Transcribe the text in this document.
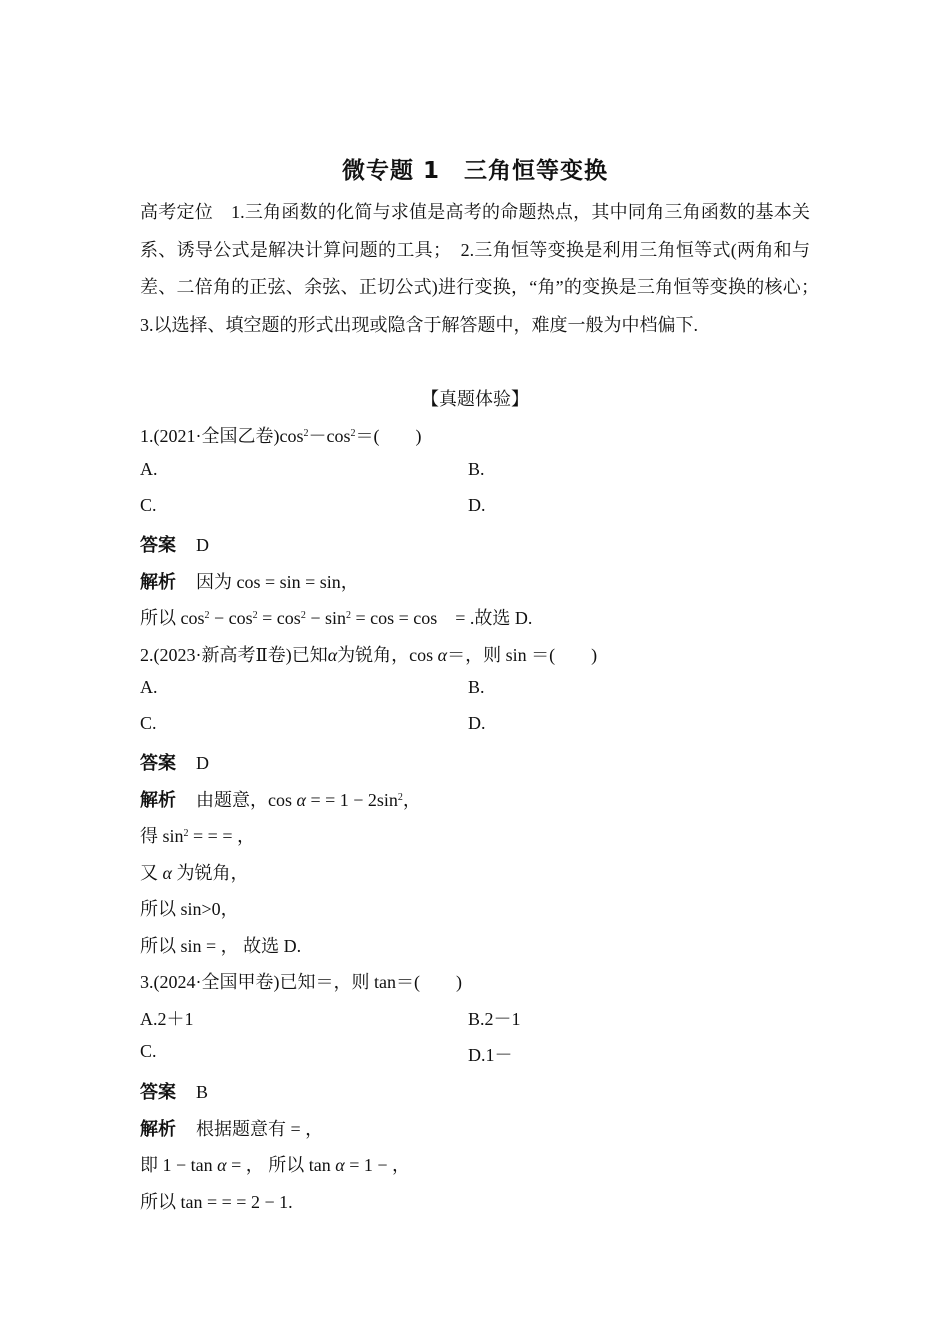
微专题 1　三角恒等变换

高考定位　1.三角函数的化简与求值是高考的命题热点，其中同角三角函数的基本关系、诱导公式是解决计算问题的工具；　2.三角恒等变换是利用三角恒等式(两角和与差、二倍角的正弦、余弦、正切公式)进行变换，“角”的变换是三角恒等变换的核心；　3.以选择、填空题的形式出现或隐含于解答题中，难度一般为中档偏下.

【真题体验】
1.(2021·全国乙卷)$\cos^2-\cos^2=$(　　)
A.	B.
C.	D.
答案 D
解析 因为 cos = sin = sin，
所以 $\cos^2 - \cos^2 = \cos^2 - \sin^2 = \cos = \cos$　= .故选 D.
2.(2023·新高考Ⅱ卷)已知α为锐角，cos α＝，则 sin ＝(　　)
A.	B.
C.	D.
答案 D
解析 由题意，cos α = = $1 - 2\sin^2$，
得 $\sin^2$ = = = ，
又 α 为锐角，
所以 sin>0，
所以 sin = ， 故选 D.
3.(2024·全国甲卷)已知＝，则 tan＝(　　)
A.2＋1	B.2－1
C.	D.1－
答案 B
解析 根据题意有 = ，
即 1 − tan α = ， 所以 tan α = 1 − ，
所以 tan = = = 2 − 1.
